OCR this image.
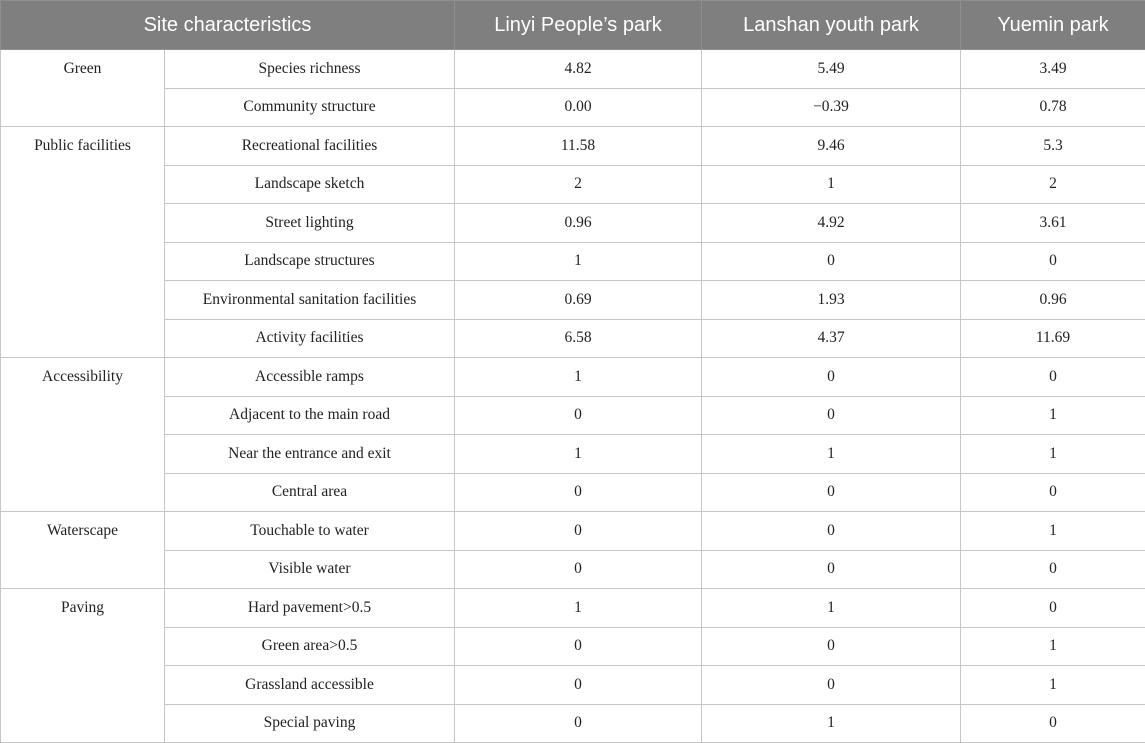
Site characteristics		Linyi People’s park	Lanshan youth park	Yuemin park
Green	Species richness	4.82	5.49	3.49
	Community structure	0.00	−0.39	0.78
Public facilities	Recreational facilities	11.58	9.46	5.3
	Landscape sketch	2	1	2
	Street lighting	0.96	4.92	3.61
	Landscape structures	1	0	0
	Environmental sanitation facilities	0.69	1.93	0.96
	Activity facilities	6.58	4.37	11.69
Accessibility	Accessible ramps	1	0	0
	Adjacent to the main road	0	0	1
	Near the entrance and exit	1	1	1
	Central area	0	0	0
Waterscape	Touchable to water	0	0	1
	Visible water	0	0	0
Paving	Hard pavement>0.5	1	1	0
	Green area>0.5	0	0	1
	Grassland accessible	0	0	1
	Special paving	0	1	0
